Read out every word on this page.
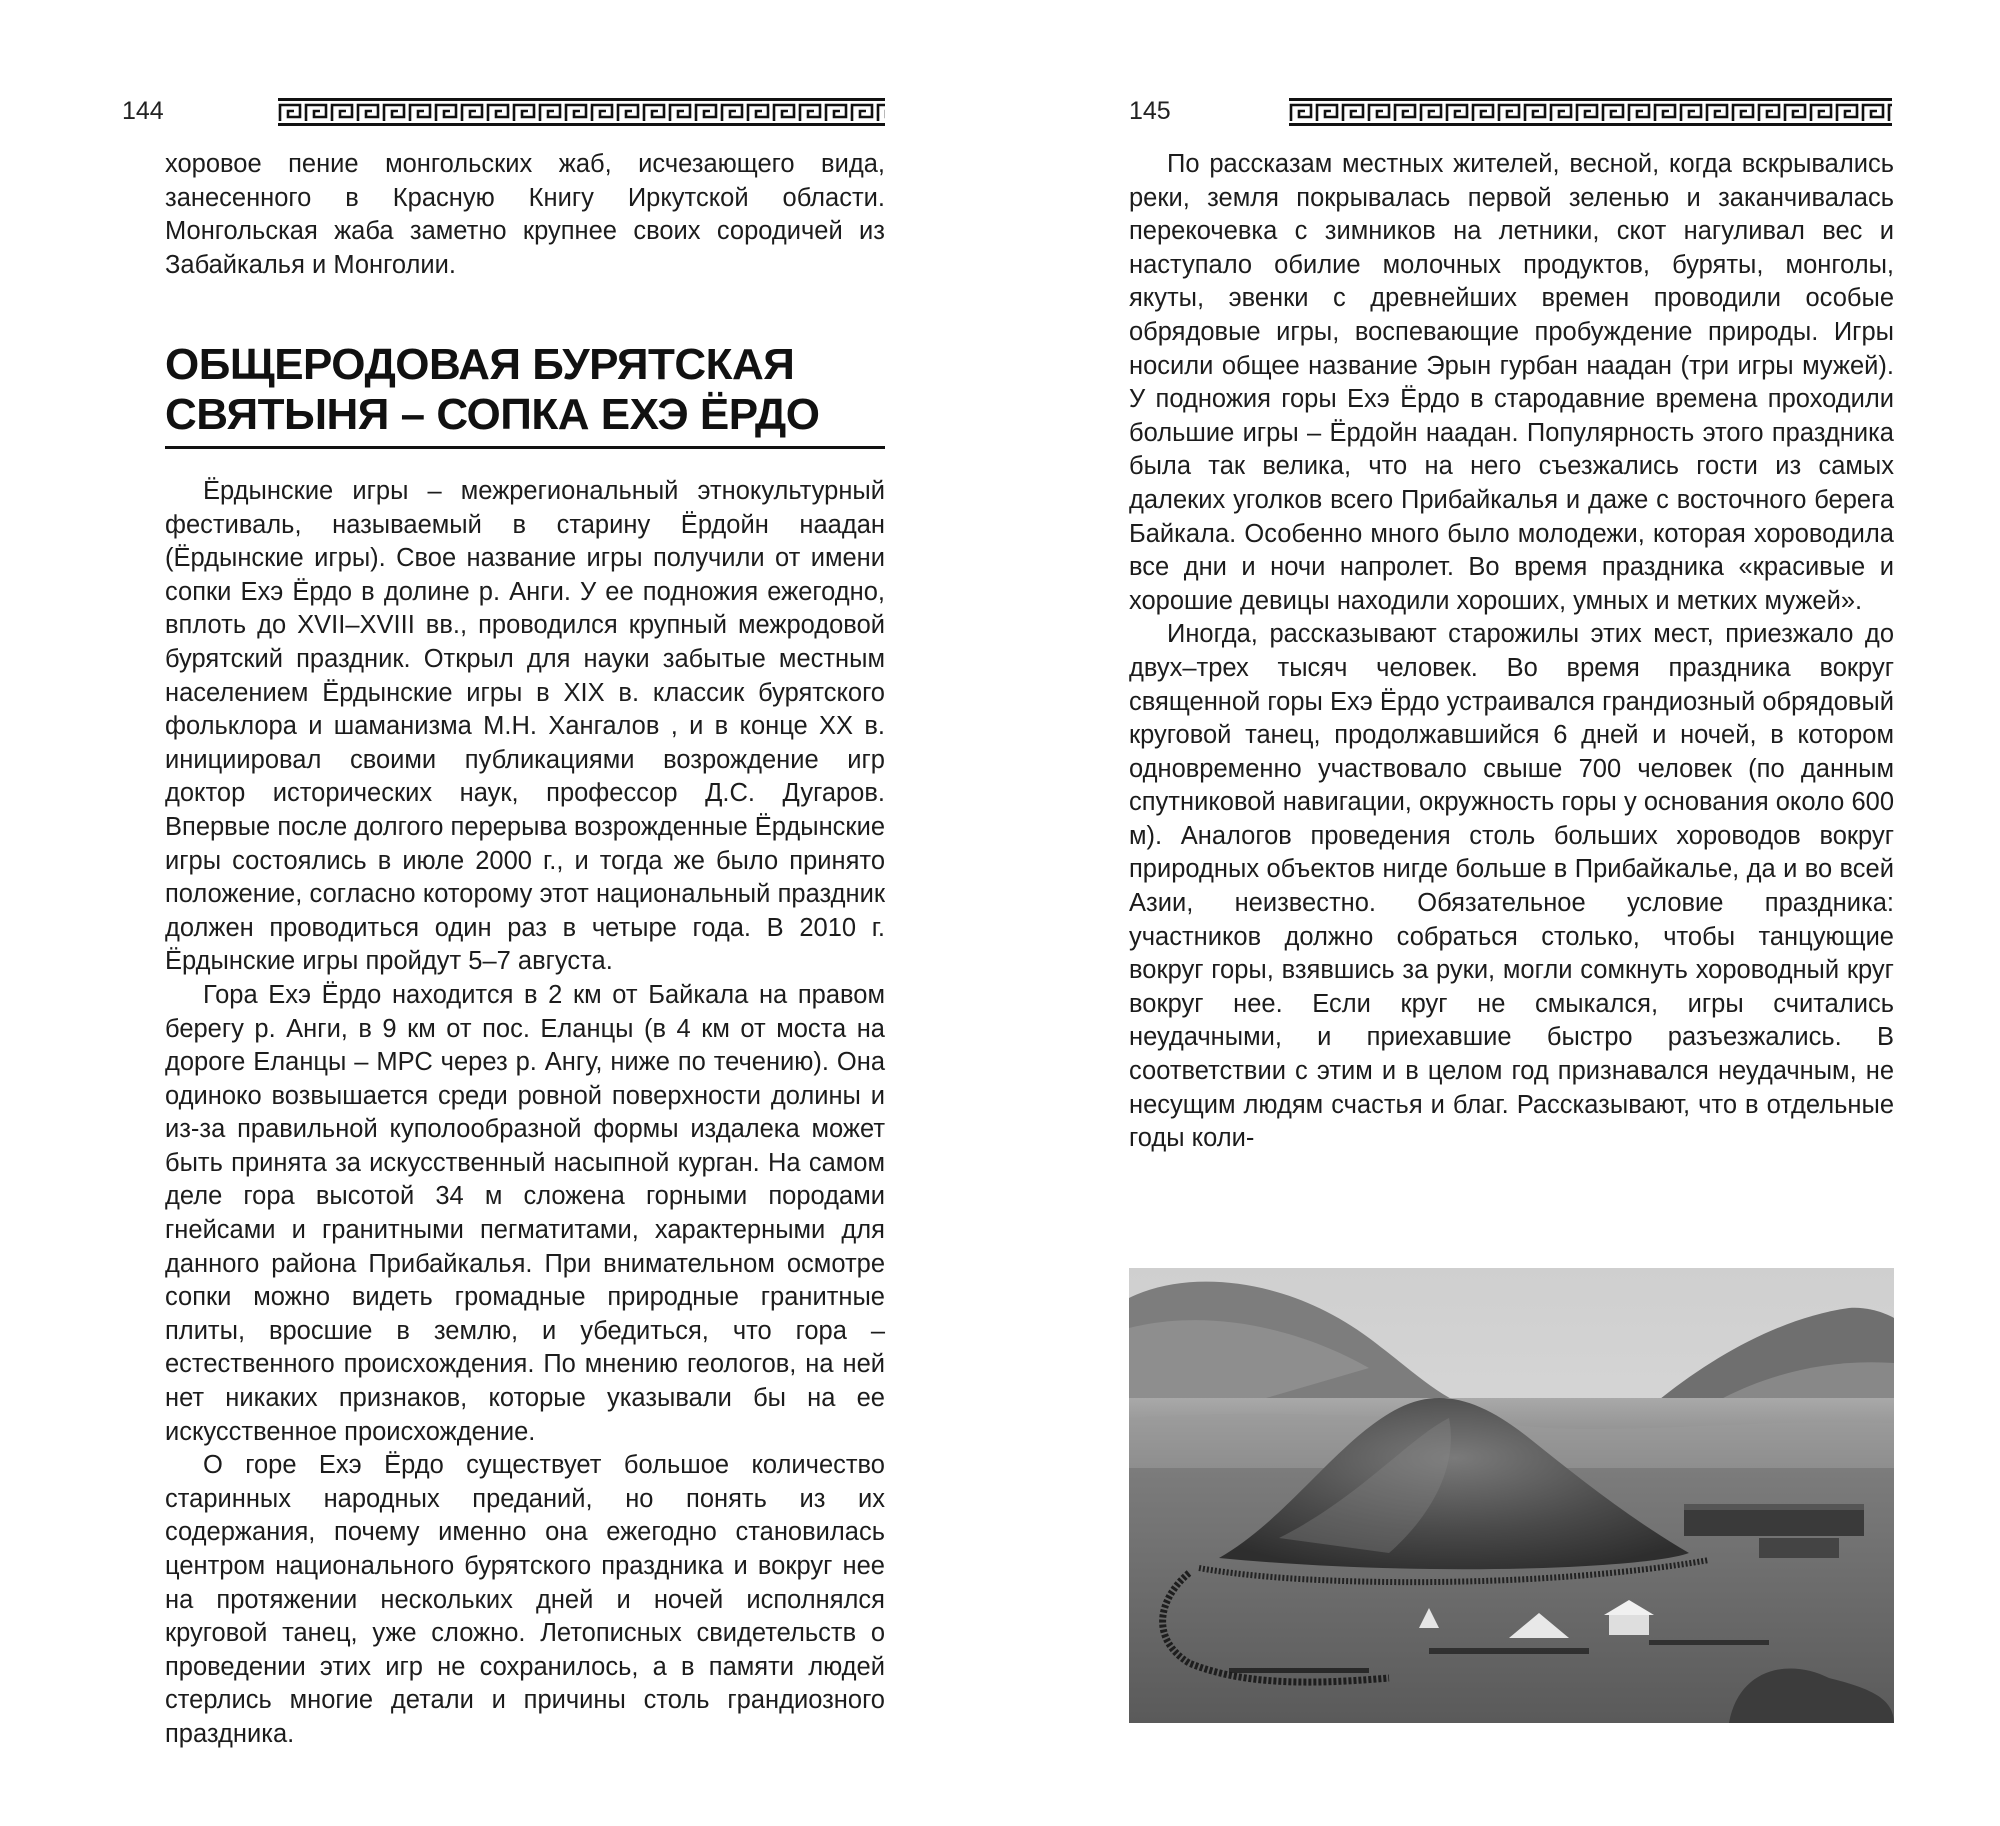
144

хоровое пение монгольских жаб, исчезающего вида, занесенного в Красную Книгу Иркутской области. Монгольская жаба заметно крупнее своих сородичей из Забайкалья и Монголии.

ОБЩЕРОДОВАЯ БУРЯТСКАЯ
СВЯТЫНЯ – СОПКА ЕХЭ ЁРДО

Ёрдынские игры – межрегиональный этнокультурный фестиваль, называемый в старину Ёрдойн наадан (Ёрдынские игры). Свое название игры получили от имени сопки Ехэ Ёрдо в долине р. Анги. У ее подножия ежегодно, вплоть до XVII–XVIII вв., проводился крупный межродовой бурятский праздник. Открыл для науки забытые местным населением Ёрдынские игры в XIX в. классик бурятского фольклора и шаманизма М.Н. Хангалов , и в конце XX в. инициировал своими публикациями возрождение игр доктор исторических наук, профессор Д.С. Дугаров. Впервые после долгого перерыва возрожденные Ёрдынские игры состоялись в июле 2000 г., и тогда же было принято положение, согласно которому этот национальный праздник должен проводиться один раз в четыре года. В 2010 г. Ёрдынские игры пройдут 5–7 августа.

Гора Ехэ Ёрдо находится в 2 км от Байкала на правом берегу р. Анги, в 9 км от пос. Еланцы (в 4 км от моста на дороге Еланцы – МРС через р. Ангу, ниже по течению). Она одиноко возвышается среди ровной поверхности долины и из-за правильной куполообразной формы издалека может быть принята за искусственный насыпной курган. На самом деле гора высотой 34 м сложена горными породами гнейсами и гранитными пегматитами, характерными для данного района Прибайкалья. При внимательном осмотре сопки можно видеть громадные природные гранитные плиты, вросшие в землю, и убедиться, что гора – естественного происхождения. По мнению геологов, на ней нет никаких признаков, которые указывали бы на ее искусственное происхождение.

О горе Ехэ Ёрдо существует большое количество старинных народных преданий, но понять из их содержания, почему именно она ежегодно становилась центром национального бурятского праздника и вокруг нее на протяжении нескольких дней и ночей исполнялся круговой танец, уже сложно. Летописных свидетельств о проведении этих игр не сохранилось, а в памяти людей стерлись многие детали и причины столь грандиозного праздника.

145

По рассказам местных жителей, весной, когда вскрывались реки, земля покрывалась первой зеленью и заканчивалась перекочевка с зимников на летники, скот нагуливал вес и наступало обилие молочных продуктов, буряты, монголы, якуты, эвенки с древнейших времен проводили особые обрядовые игры, воспевающие пробуждение природы. Игры носили общее название Эрын гурбан наадан (три игры мужей). У подножия горы Ехэ Ёрдо в стародавние времена проходили большие игры – Ёрдойн наадан. Популярность этого праздника была так велика, что на него съезжались гости из самых далеких уголков всего Прибайкалья и даже с восточного берега Байкала. Особенно много было молодежи, которая хороводила все дни и ночи напролет. Во время праздника «красивые и хорошие девицы находили хороших, умных и метких мужей».

Иногда, рассказывают старожилы этих мест, приезжало до двух–трех тысяч человек. Во время праздника вокруг священной горы Ехэ Ёрдо устраивался грандиозный обрядовый круговой танец, продолжавшийся 6 дней и ночей, в котором одновременно участвовало свыше 700 человек (по данным спутниковой навигации, окружность горы у основания около 600 м). Аналогов проведения столь больших хороводов вокруг природных объектов нигде больше в Прибайкалье, да и во всей Азии, неизвестно. Обязательное условие праздника: участников должно собраться столько, чтобы танцующие вокруг горы, взявшись за руки, могли сомкнуть хороводный круг вокруг нее. Если круг не смыкался, игры считались неудачными, и приехавшие быстро разъезжались. В соответствии с этим и в целом год признавался неудачным, не несущим людям счастья и благ. Рассказывают, что в отдельные годы коли-
